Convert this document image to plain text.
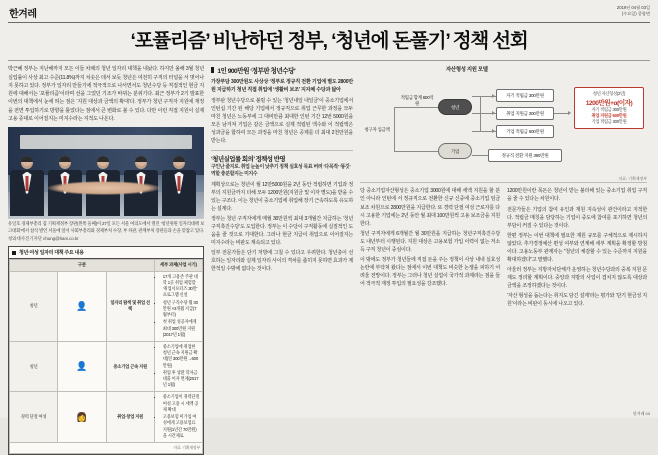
한겨레
2019년 04월 03일
(수요일) 종합면
‘포퓰리즘’ 비난하던 정부, ‘청년에 돈풀기’ 정책 선회

박근혜 정부는 지난해까지 모든 이들 차례의 청년 일자리 대책을 내놨다. 하지만 올해 3월 청년실업률이 사상 최고 수준(11.8%)까지 치솟은 데서 보듯 청년은 여전히 구직의 터널을 서 벗어나지 못하고 있다. 정부가 일자리 만들기에 적극적으로 나서면서도 청년수당 등 직접적인 현금 지원에 대해서는 ‘포퓰리즘’이라며 선을 그었던 기조가 바뀌는 분위기다. 최근 정부가 2기 발표한 이번의 대책에서 눈에 띄는 점은 ‘지원 대상과 금액의 확대’다. 정부가 청년 구직자 지원에 재정을 전면 투입하기로 방향을 틀었다는 점에서 큰 변화로 볼 수 있다. 다만 이런 직접 지원이 실제 고용 증대로 이어질지는 미지수라는 지적도 나온다.

유일호 경제부총리 겸 기획재정부 장관(왼쪽 둘째)이 27일 모든 서울 여의도에서 열린 ‘청년위원 일자리대책 보고대회’에서 참석 발언 서울에 앞서 사회부총리와 경제부처 수장, 부 차관, 관계부처 장관들과 손을 맞잡고 있다.
청와대사진기자단 chung@hani.co.kr
청년·여성 일자리 대책 주요 내용
구분			세부 과제(사업 시기)
청년	👤	일자리 탐색 및 취업 선택	
• 17개 고용존 주관 대학 1곳 취업 체험할 ‘취업서포터즈 30만’ 프로그램 신설
• 청년 구직수당 월 30만원 ×3개월 지급(7월부터)
• 첫 취업 성공자에게 최대 300만원 지원(2017년 1월)

청년	👤	중소기업 근속 지원	
• 중소기업에 취업한 청년 근속 지원금 확대(연 300만원→600만원)
• 취업 후 상환 학자금 대출 이자 면제(2017년 1월)

경력 단절 여성	👩	취업·창업 지원	
• 중소기업이 경력단절 여성 고용 시 세액 공제 확대
• 고용보험 미가입 여성에게 고용보험료 지원(1년간 70만원)을 시간제로

자료: 기획재정부			
1인 900만원 ‘정부판 청년수당’

가장부담 300만원도 사상상 ‘정부로 정규직 전환 기업에 별도 2800만원 지급하기 청년 직접 취업에 ‘생활비 보조’ 지자체 수당과 닮아

정부판 청년수당으로 불릴 수 있는 ‘청년내일 내일금’이 중소기업에서 인턴십 기간 된 해당 기업에서 정규직으로 취업 근무한 과정을 모두 마친 청년은 노동부에 그 대비만큼 최대한 인턴 기간 12번 5000원을 모은 남겨져 기업은 같은 금액으로 실제 적립된 액수와 이 적립액은 성과금을 합하여 모든 과정을 마친 청년은 공제를 더 최대 2천만원을 받는다.

‘청년실업률 회의’ 정책성 반영
구인난 줄지로. 취업 눈높이 낮추기 정책 실효성 목표 버려 ‘다목적’ ‘똥깃’ 역할 충분할지는 미지수

계획상으로는 청년이 월 12만5000원을 2년 동안 적립하면 기업과 정부의 지원금까지 더해 모두 1200만원(지원금 및 이자 별도)을 받을 수 있는 구조다. 이는 청년이 중소기업에 취업해 장기 근속하도록 유도하는 설계다.

정부는 청년 구직자에게 매월 30만원씩 최대 3개월간 지급하는 ‘청년구직촉진수당’도 도입한다. 정부는 이 수당이 구직활동에 실질적인 도움을 줄 것으로 기대한다. 그러나 현금 지급이 취업으로 이어질지는 미지수라는 비판도 계속되고 있다.

일부 전문가들은 단기 처방에 그칠 수 있다고 우려한다. 청년층이 선호하는 일자리와 실제 일자리 사이의 격차를 좁히지 못하면 효과가 제한적일 수밖에 없다는 것이다.

자산형성 지원 모델
청구자 입금액
적립금 합계 600억원
청년
기업
자기 적립금 300만원
취업 지원금 300만원
기업 적립금 600만원
정규직 전환 지원 390만원
청년 자산형성(2년)
1200만원+α(이자)
자기 적립금 300만원
취업 지원금 600만원
기업 적립금 300만원
자료: 기획재정부

당 중소기업자산형성은 중소기업 3000원에 대해 세액 지원을 할 분인 아니라 인턴에 서 정규직으로 전환한 신규 신중에 중소기업 임금 보조 차원으로 2800만원을 지급한다. 또 경력 단절 여성 근로자를 다시 고용한 기업에는 2년 동안 월 최대 100만원씩 고용 보조금을 지원한다.

청년 구직자에게 6개월간 월 30만원을 지급하는 청년구직촉진수당도 내년부터 시행된다. 지원 대상은 고용보험 가입 이력이 없는 저소득 구직 청년이 중심이다.

이 밖에도 정부가 청년들에 직접 돈을 주는 정책이 사상 내내 실효성 논란에 부닥쳐 왔다는 점에서 이번 대책도 비슷한 논쟁을 피하기 어려울 전망이다. 정부는 그러나 청년 실업이 국가적 과제라는 점을 들어 적극적 재정 투입의 필요성을 강조했다.

1200만원이란 목돈은 청년이 받는 불리해 있는 중소기업 취업 구직을 줄 수 있다는 차원이다.

전문가들은 기업의 참여 유인과 재원 지속성이 관건이라고 지적한다. 적립금 매칭을 담당하는 기업이 중도에 참여를 포기하면 청년의 부담이 커질 수 있다는 것이다.

한편 정부는 이번 대책에 필요한 재원 규모를 구체적으로 제시하지 않았다. 추가경정예산 편성 여부와 연계해 세부 계획을 확정할 방침이다. 고용노동부 관계자는 “청년의 체감할 수 있는 수준까지 지원을 확대하겠다”고 말했다.

아울러 정부는 지방자치단체가 운영하는 청년수당과의 중복 지원 문제도 정리할 계획이다. 중앙과 지방의 사업이 겹치지 않도록 대상과 금액을 조정하겠다는 것이다.

‘자산 형성을 돕는다는 취지도 담긴 설계’라는 평가와 ‘단기 현금성 지원’이라는 비판이 동시에 나오고 있다.

한겨레 03
